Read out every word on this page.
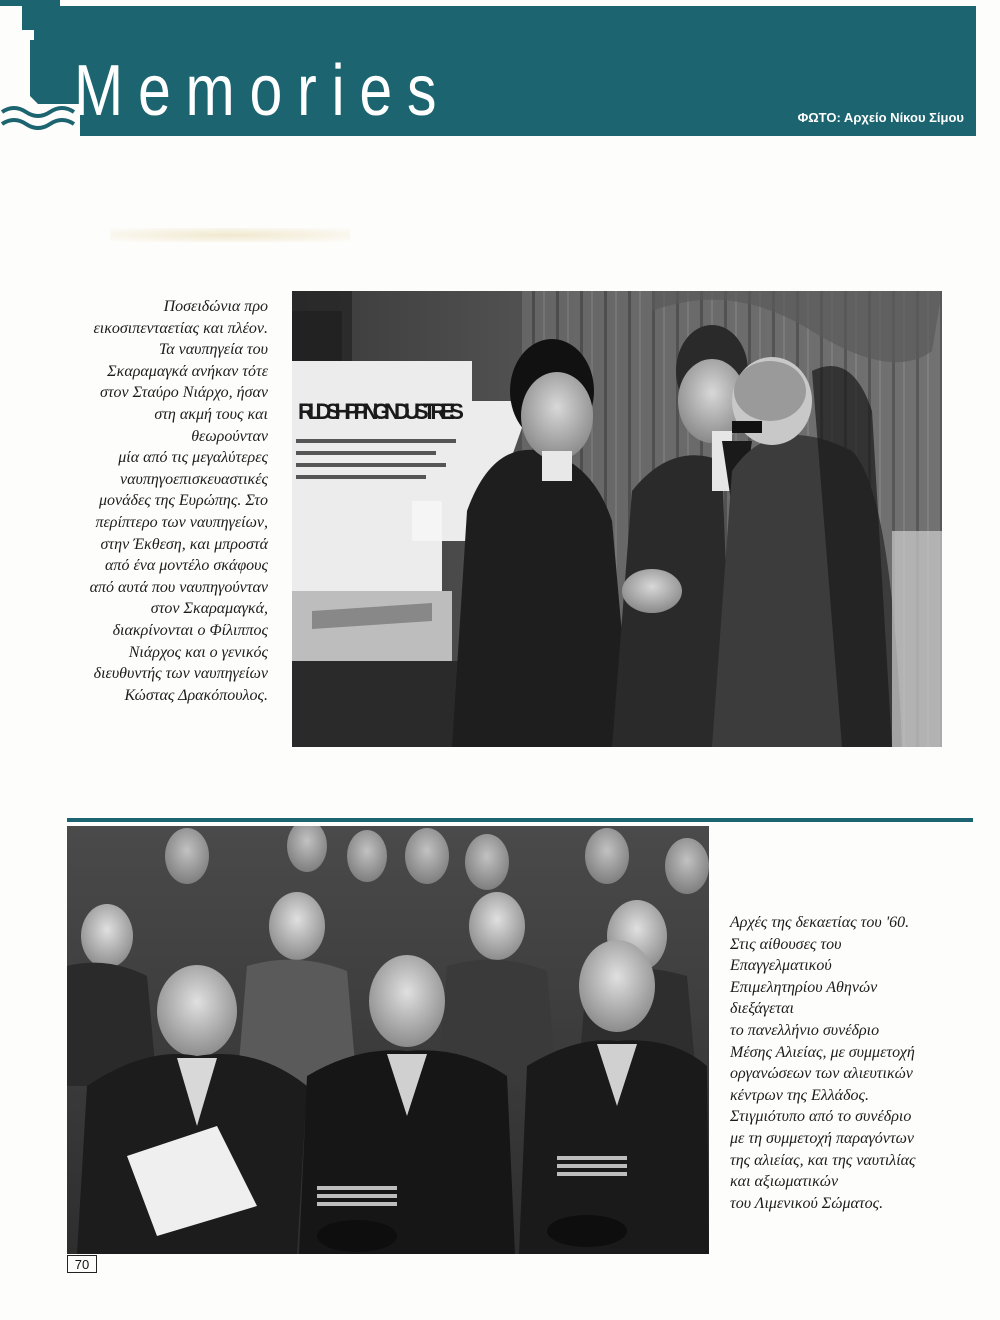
Memories	ΦΩΤΟ: Αρχείο Νίκου Σίμου
Ποσειδώνια προ
εικοσιπενταετίας και πλέον.
Τα ναυπηγεία του
Σκαραμαγκά ανήκαν τότε
στον Σταύρο Νιάρχο, ήσαν
στη ακμή τους και
θεωρούνταν
μία από τις μεγαλύτερες
ναυπηγοεπισκευαστικές
μονάδες της Ευρώπης. Στο
περίπτερο των ναυπηγείων,
στην Έκθεση, και μπροστά
από ένα μοντέλο σκάφους
από αυτά που ναυπηγούνταν
στον Σκαραμαγκά,
διακρίνονται ο Φίλιππος
Νιάρχος και ο γενικός
διευθυντής των ναυπηγείων
Κώστας Δρακόπουλος.
RLD SHIPPING INDUSTRIES
Αρχές της δεκαετίας του '60.
Στις αίθουσες του
Επαγγελματικού
Επιμελητηρίου Αθηνών
διεξάγεται
το πανελλήνιο συνέδριο
Μέσης Αλιείας, με συμμετοχή
οργανώσεων των αλιευτικών
κέντρων της Ελλάδος.
Στιγμιότυπο από το συνέδριο
με τη συμμετοχή παραγόντων
της αλιείας, και της ναυτιλίας
και αξιωματικών
του Λιμενικού Σώματος.
70
